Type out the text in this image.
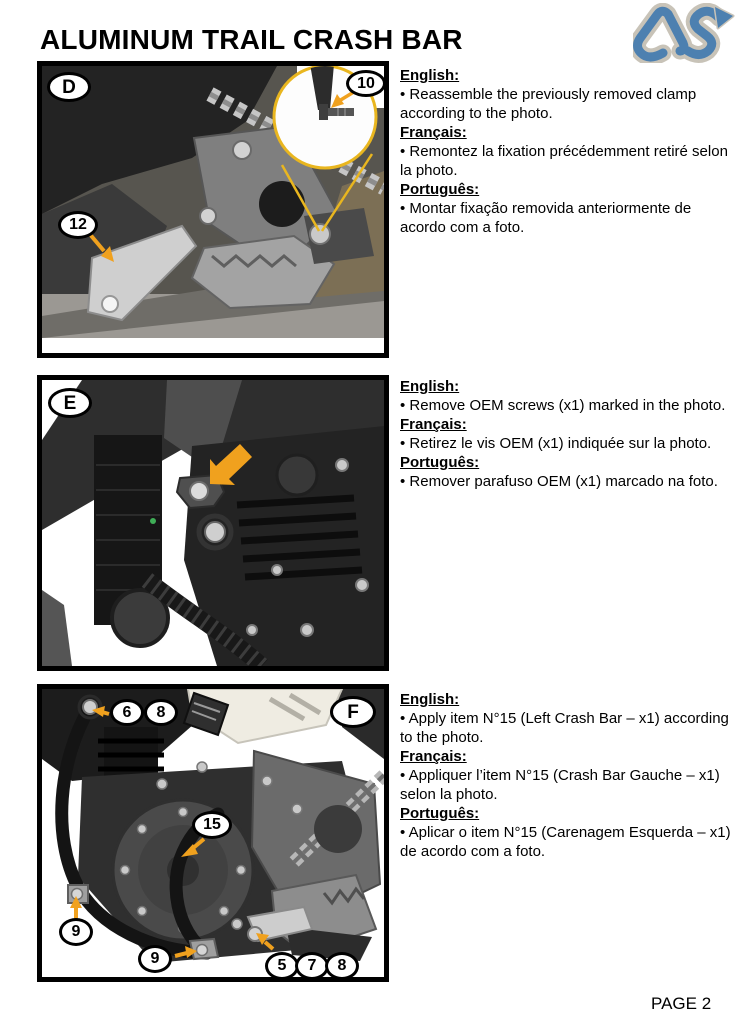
ALUMINUM TRAIL CRASH BAR
D	10
12
E
6	8	F
15
9
9	5	7	8
English:
• Reassemble the previously removed clamp according to the photo.
Français:
• Remontez la fixation précédemment retiré selon la photo.
Português:
• Montar fixação removida anteriormente de acordo com a foto.
English:
• Remove OEM screws (x1) marked in the photo.
Français:
• Retirez le vis OEM (x1) indiquée sur la photo.
Português:
• Remover parafuso OEM (x1) marcado na foto.
English:
• Apply item N°15 (Left Crash Bar – x1) according to the photo.
Français:
• Appliquer l’item N°15 (Crash Bar Gauche – x1) selon la photo.
Português:
• Aplicar o item N°15 (Carenagem Esquerda – x1) de acordo com a foto.
PAGE 2
